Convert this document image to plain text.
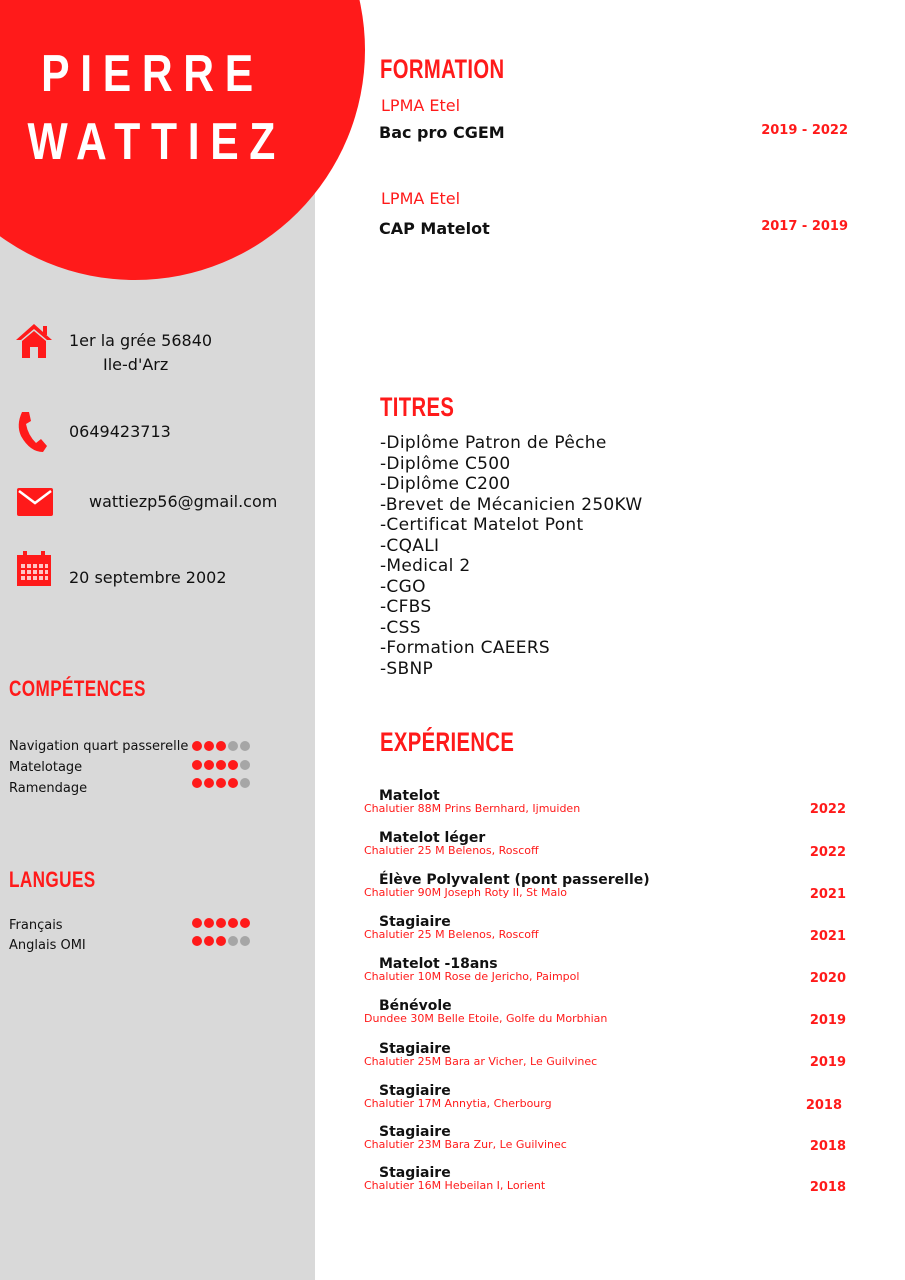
PIERRE
WATTIEZ
1er la grée 56840
Ile-d'Arz
0649423713
wattiezp56@gmail.com
20 septembre 2002
COMPÉTENCES
Navigation quart passerelle
Matelotage
Ramendage
LANGUES
Français
Anglais OMI
FORMATION
LPMA Etel
Bac pro CGEM	2019 - 2022
LPMA Etel
CAP Matelot	2017 - 2019
TITRES
-Diplôme Patron de Pêche
-Diplôme C500
-Diplôme C200
-Brevet de Mécanicien 250KW
-Certificat Matelot Pont
-CQALI
-Medical 2
-CGO
-CFBS
-CSS
-Formation CAEERS
-SBNP
EXPÉRIENCE
Matelot
Chalutier 88M Prins Bernhard, Ijmuiden	2022
Matelot léger
Chalutier 25 M Belenos, Roscoff	2022
Élève Polyvalent (pont passerelle)
Chalutier 90M Joseph Roty II, St Malo	2021
Stagiaire
Chalutier 25 M Belenos, Roscoff	2021
Matelot -18ans
Chalutier 10M Rose de Jericho, Paimpol	2020
Bénévole
Dundee 30M Belle Etoile, Golfe du Morbhian	2019
Stagiaire
Chalutier 25M Bara ar Vicher, Le Guilvinec	2019
Stagiaire
Chalutier 17M Annytia, Cherbourg	2018
Stagiaire
Chalutier 23M Bara Zur, Le Guilvinec	2018
Stagiaire
Chalutier 16M Hebeilan I, Lorient	2018
